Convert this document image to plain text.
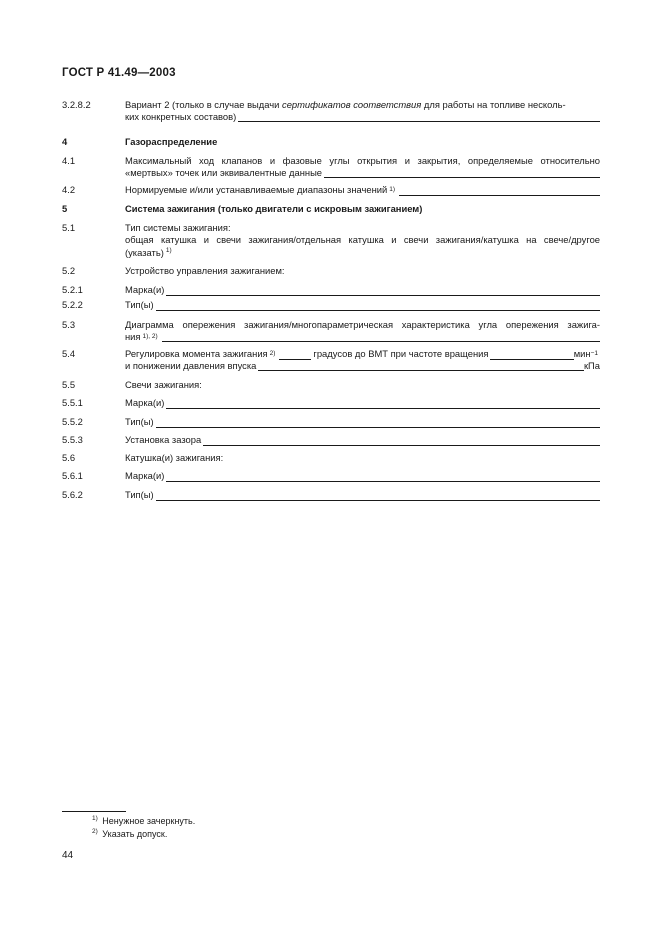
ГОСТ Р 41.49—2003
3.2.8.2	Вариант 2 (только в случае выдачи сертификатов соответствия для работы на топливе несколь-
ких конкретных составов)
4	Газораспределение
4.1	Максимальный ход клапанов и фазовые углы открытия и закрытия, определяемые относительно
«мертвых» точек или эквивалентные данные
4.2	Нормируемые и/или устанавливаемые диапазоны значений 1)
5	Система зажигания (только двигатели с искровым зажиганием)
5.1	Тип системы зажигания:
общая катушка и свечи зажигания/отдельная катушка и свечи зажигания/катушка на свече/другое
(указать) $^{1)}$
5.2	Устройство управления зажиганием:
5.2.1	Марка(и)
5.2.2	Тип(ы)
5.3	Диаграмма опережения зажигания/многопараметрическая характеристика угла опережения зажига-
ния 1), 2)
5.4	Регулировка момента зажигания 2)	градусов до ВМТ при частоте вращения	мин −1
и понижении давления впуска	кПа
5.5	Свечи зажигания:
5.5.1	Марка(и)
5.5.2	Тип(ы)
5.5.3	Установка зазора
5.6	Катушка(и) зажигания:
5.6.1	Марка(и)
5.6.2	Тип(ы)
$^{1)}$ Ненужное зачеркнуть.
$^{2)}$ Указать допуск.
44
